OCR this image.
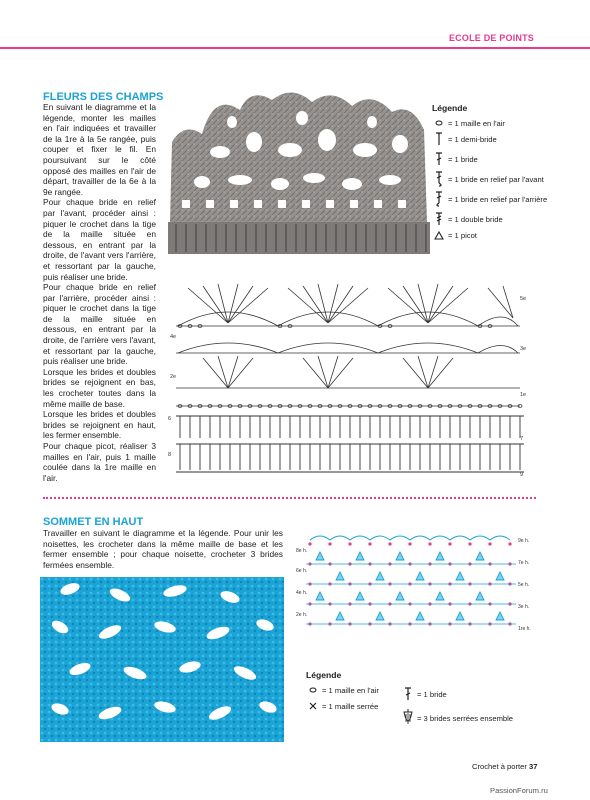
ECOLE DE POINTS
FLEURS DES CHAMPS

En suivant le diagramme et la légende, monter les mailles en l'air indiquées et travailler de la 1re à la 5e rangée, puis couper et fixer le fil. En poursuivant sur le côté opposé des mailles en l'air de départ, travailler de la 6e à la 9e rangée.

Pour chaque bride en relief par l'avant, procéder ainsi : piquer le crochet dans la tige de la maille située en dessous, en entrant par la droite, de l'avant vers l'arrière, et ressortant par la gauche, puis réaliser une bride.

Pour chaque bride en relief par l'arrière, procéder ainsi : piquer le crochet dans la tige de la maille située en dessous, en entrant par la droite, de l'arrière vers l'avant, et ressortant par la gauche, puis réaliser une bride.

Lorsque les brides et doubles brides se rejoignent en bas, les crocheter toutes dans la même maille de base.

Lorsque les brides et doubles brides se rejoignent en haut, les fermer ensemble.

Pour chaque picot, réaliser 3 mailles en l'air, puis 1 maille coulée dans la 1re maille en l'air.

Légende
= 1 maille en l'air
= 1 demi-bride
= 1 bride
= 1 bride en relief par l'avant
= 1 bride en relief par l'arrière
= 1 double bride
= 1 picot
5e
4e
3e
2e
1e
6
7
8
9
SOMMET EN HAUT

Travailler en suivant le diagramme et la légende. Pour unir les noisettes, les crocheter dans la même maille de base et les fermer ensemble ; pour chaque noisette, crocheter 3 brides fermées ensemble.

8e h.
6e h.
4e h.
2e h.
9e h.
7e h.
5e h.
3e h.
1re h.
Légende
= 1 maille en l'air
= 1 maille serrée
= 1 bride
= 3 brides serrées ensemble
Crochet à porter 37
PassionForum.ru
